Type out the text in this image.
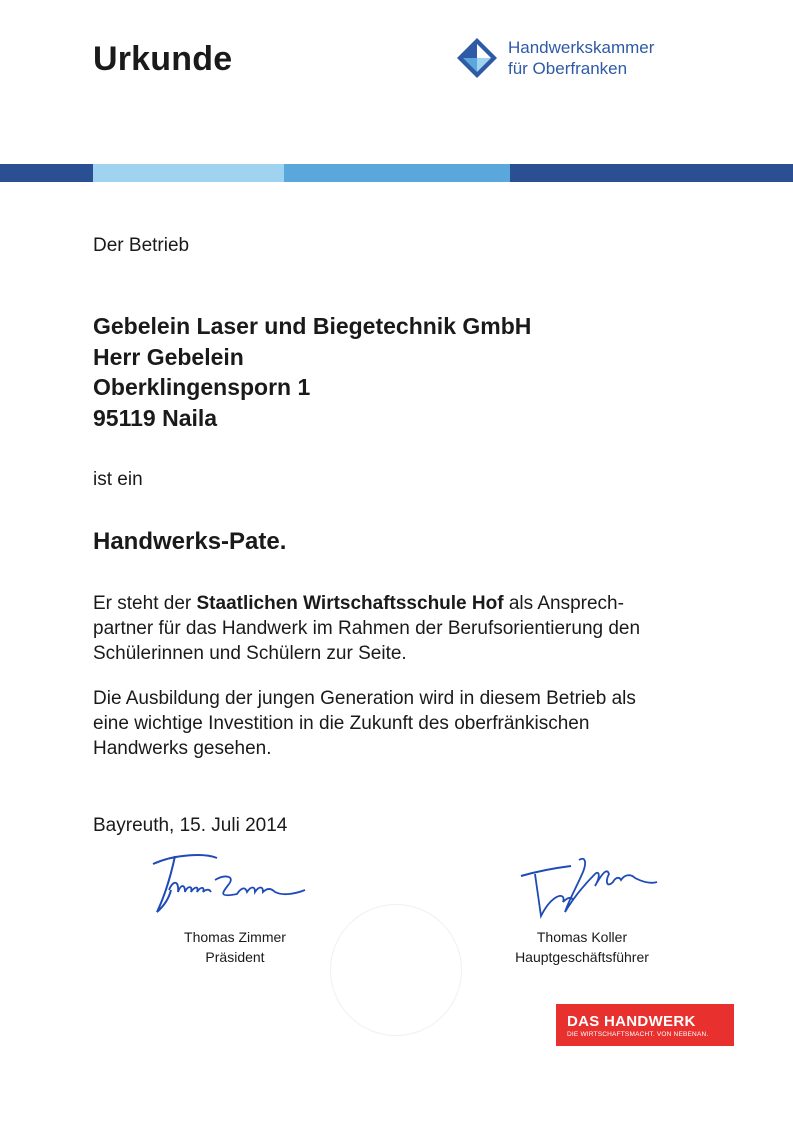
Urkunde	Handwerkskammer
für Oberfranken
Der Betrieb
Gebelein Laser und Biegetechnik GmbH
Herr Gebelein
Oberklingensporn 1
95119 Naila
ist ein
Handwerks-Pate.
Er steht der Staatlichen Wirtschaftsschule Hof als Ansprech-
partner für das Handwerk im Rahmen der Berufsorientierung den
Schülerinnen und Schülern zur Seite.
Die Ausbildung der jungen Generation wird in diesem Betrieb als
eine wichtige Investition in die Zukunft des oberfränkischen
Handwerks gesehen.
Bayreuth, 15. Juli 2014
Thomas Zimmer
Präsident
Thomas Koller
Hauptgeschäftsführer
DAS HANDWERK
DIE WIRTSCHAFTSMACHT. VON NEBENAN.
